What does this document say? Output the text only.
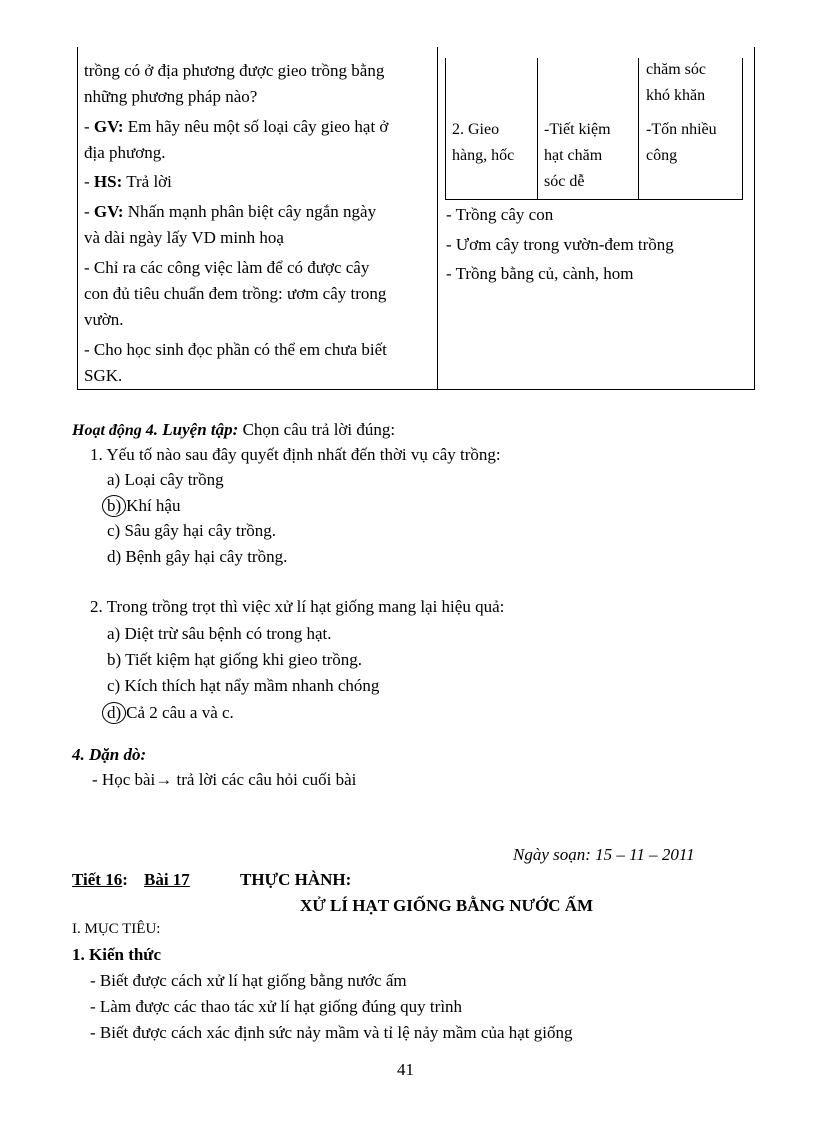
trồng có ở địa phương được gieo trồng bằng
những phương pháp nào?
- GV: Em hãy nêu một số loại cây gieo hạt ở
địa phương.
- HS: Trả lời
- GV: Nhấn mạnh phân biệt cây ngắn ngày
và dài ngày lấy VD minh hoạ
- Chỉ ra các công việc làm để có được cây
con đủ tiêu chuẩn đem trồng: ươm cây trong
vườn.
- Cho học sinh đọc phần có thể em chưa biết
SGK.
chăm sóc
khó khăn
2. Gieo
hàng, hốc
-Tiết kiệm
hạt chăm
sóc dễ
-Tốn nhiều
công
- Trồng cây con
- Ươm cây trong vườn-đem trồng
- Trồng bằng củ, cành, hom
Hoạt động 4. Luyện tập: Chọn câu trả lời đúng:
1. Yếu tố nào sau đây quyết định nhất đến thời vụ cây trồng:
a) Loại cây trồng
b) Khí hậu
c) Sâu gây hại cây trồng.
d) Bệnh gây hại cây trồng.
2. Trong trồng trọt thì việc xử lí hạt giống mang lại hiệu quả:
a) Diệt trừ sâu bệnh có trong hạt.
b) Tiết kiệm hạt giống khi gieo trồng.
c) Kích thích hạt nẩy mầm nhanh chóng
d) Cả 2 câu a và c.
4. Dặn dò:
- Học bài→ trả lời các câu hỏi cuối bài
Ngày soạn: 15 – 11 – 2011
Tiết 16: Bài 17	THỰC HÀNH:
XỬ LÍ HẠT GIỐNG BẰNG NƯỚC ẤM
I. MỤC TIÊU:
1. Kiến thức
- Biết được cách xử lí hạt giống bằng nước ấm
- Làm được các thao tác xử lí hạt giống đúng quy trình
- Biết được cách xác định sức nảy mầm và tỉ lệ nảy mầm của hạt giống
41
